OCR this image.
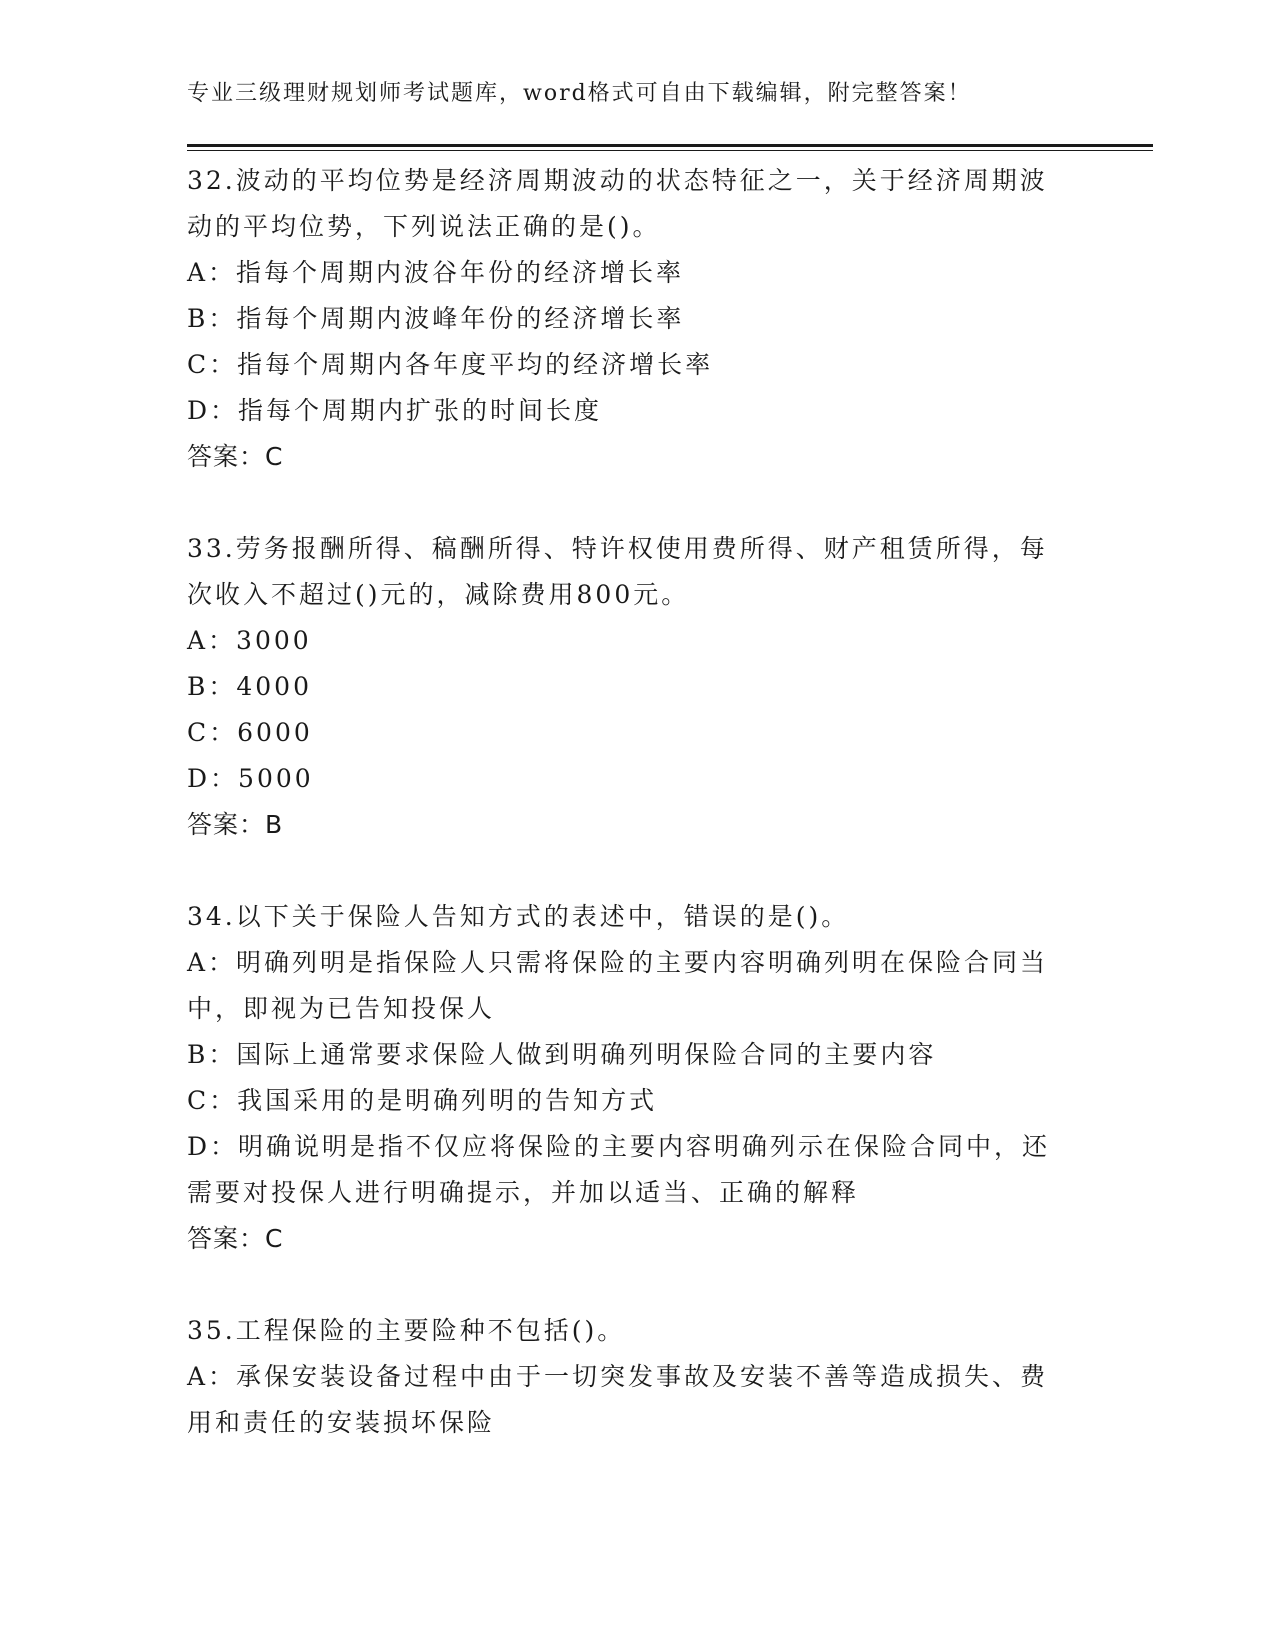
专业三级理财规划师考试题库，word格式可自由下载编辑，附完整答案！
32.波动的平均位势是经济周期波动的状态特征之一，关于经济周期波
动的平均位势，下列说法正确的是()。
A：指每个周期内波谷年份的经济增长率
B：指每个周期内波峰年份的经济增长率
C：指每个周期内各年度平均的经济增长率
D：指每个周期内扩张的时间长度
答案：C
33.劳务报酬所得、稿酬所得、特许权使用费所得、财产租赁所得，每
次收入不超过()元的，减除费用800元。
A：3000
B：4000
C：6000
D：5000
答案：B
34.以下关于保险人告知方式的表述中，错误的是()。
A：明确列明是指保险人只需将保险的主要内容明确列明在保险合同当
中，即视为已告知投保人
B：国际上通常要求保险人做到明确列明保险合同的主要内容
C：我国采用的是明确列明的告知方式
D：明确说明是指不仅应将保险的主要内容明确列示在保险合同中，还
需要对投保人进行明确提示，并加以适当、正确的解释
答案：C
35.工程保险的主要险种不包括()。
A：承保安装设备过程中由于一切突发事故及安装不善等造成损失、费
用和责任的安装损坏保险
